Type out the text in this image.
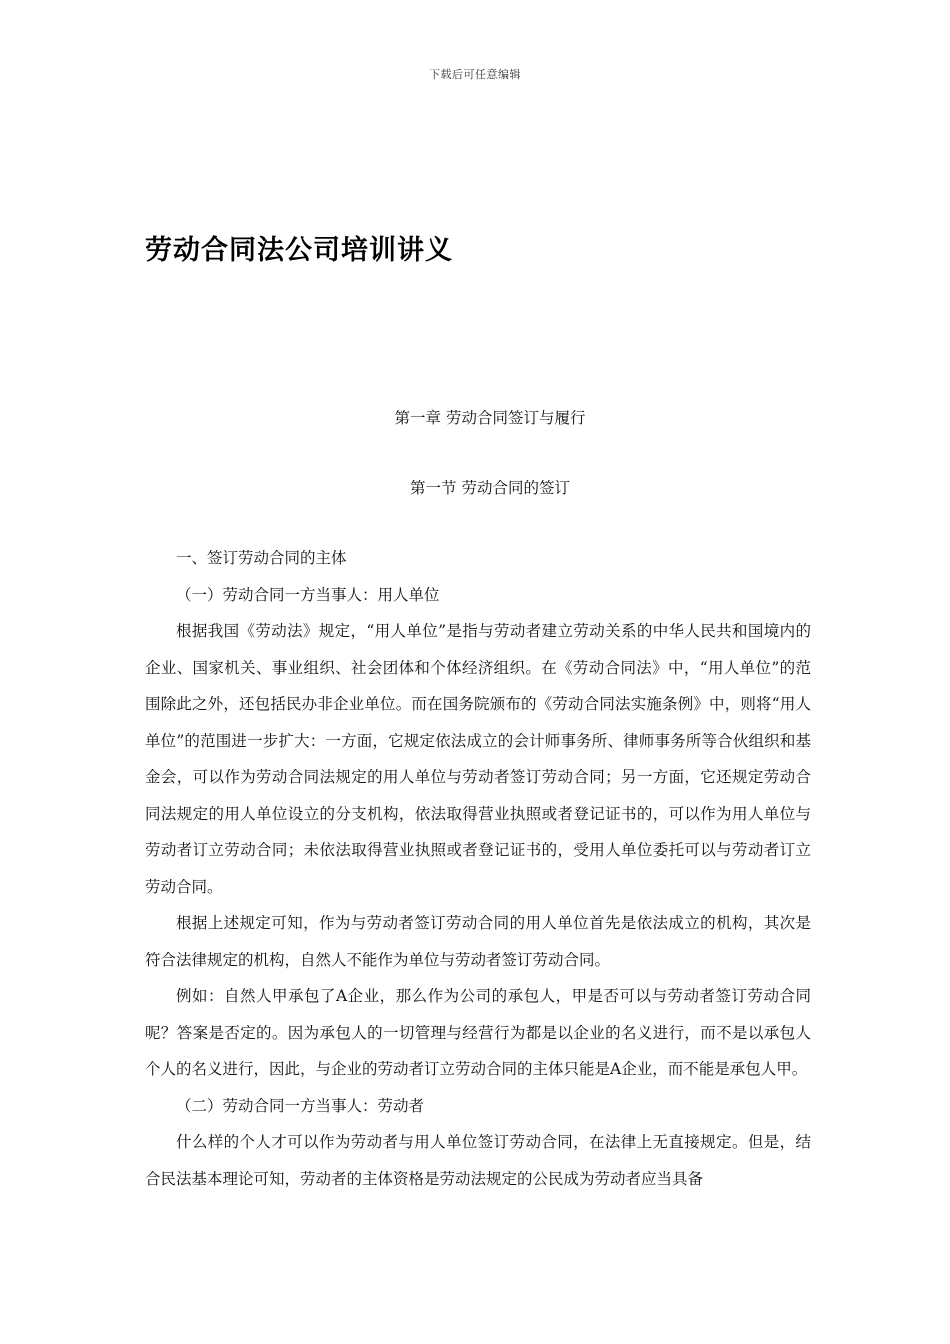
下载后可任意编辑
劳动合同法公司培训讲义
第一章 劳动合同签订与履行
第一节 劳动合同的签订

一、签订劳动合同的主体

（一）劳动合同一方当事人：用人单位

根据我国《劳动法》规定，“用人单位”是指与劳动者建立劳动关系的中华人民共和国境内的企业、国家机关、事业组织、社会团体和个体经济组织。在《劳动合同法》中，“用人单位”的范围除此之外，还包括民办非企业单位。而在国务院颁布的《劳动合同法实施条例》中，则将“用人单位”的范围进一步扩大：一方面，它规定依法成立的会计师事务所、律师事务所等合伙组织和基金会，可以作为劳动合同法规定的用人单位与劳动者签订劳动合同；另一方面，它还规定劳动合同法规定的用人单位设立的分支机构，依法取得营业执照或者登记证书的，可以作为用人单位与劳动者订立劳动合同；未依法取得营业执照或者登记证书的，受用人单位委托可以与劳动者订立劳动合同。

根据上述规定可知，作为与劳动者签订劳动合同的用人单位首先是依法成立的机构，其次是符合法律规定的机构，自然人不能作为单位与劳动者签订劳动合同。

例如：自然人甲承包了A企业，那么作为公司的承包人，甲是否可以与劳动者签订劳动合同呢？答案是否定的。因为承包人的一切管理与经营行为都是以企业的名义进行，而不是以承包人个人的名义进行，因此，与企业的劳动者订立劳动合同的主体只能是A企业，而不能是承包人甲。

（二）劳动合同一方当事人：劳动者

什么样的个人才可以作为劳动者与用人单位签订劳动合同，在法律上无直接规定。但是，结合民法基本理论可知，劳动者的主体资格是劳动法规定的公民成为劳动者应当具备
